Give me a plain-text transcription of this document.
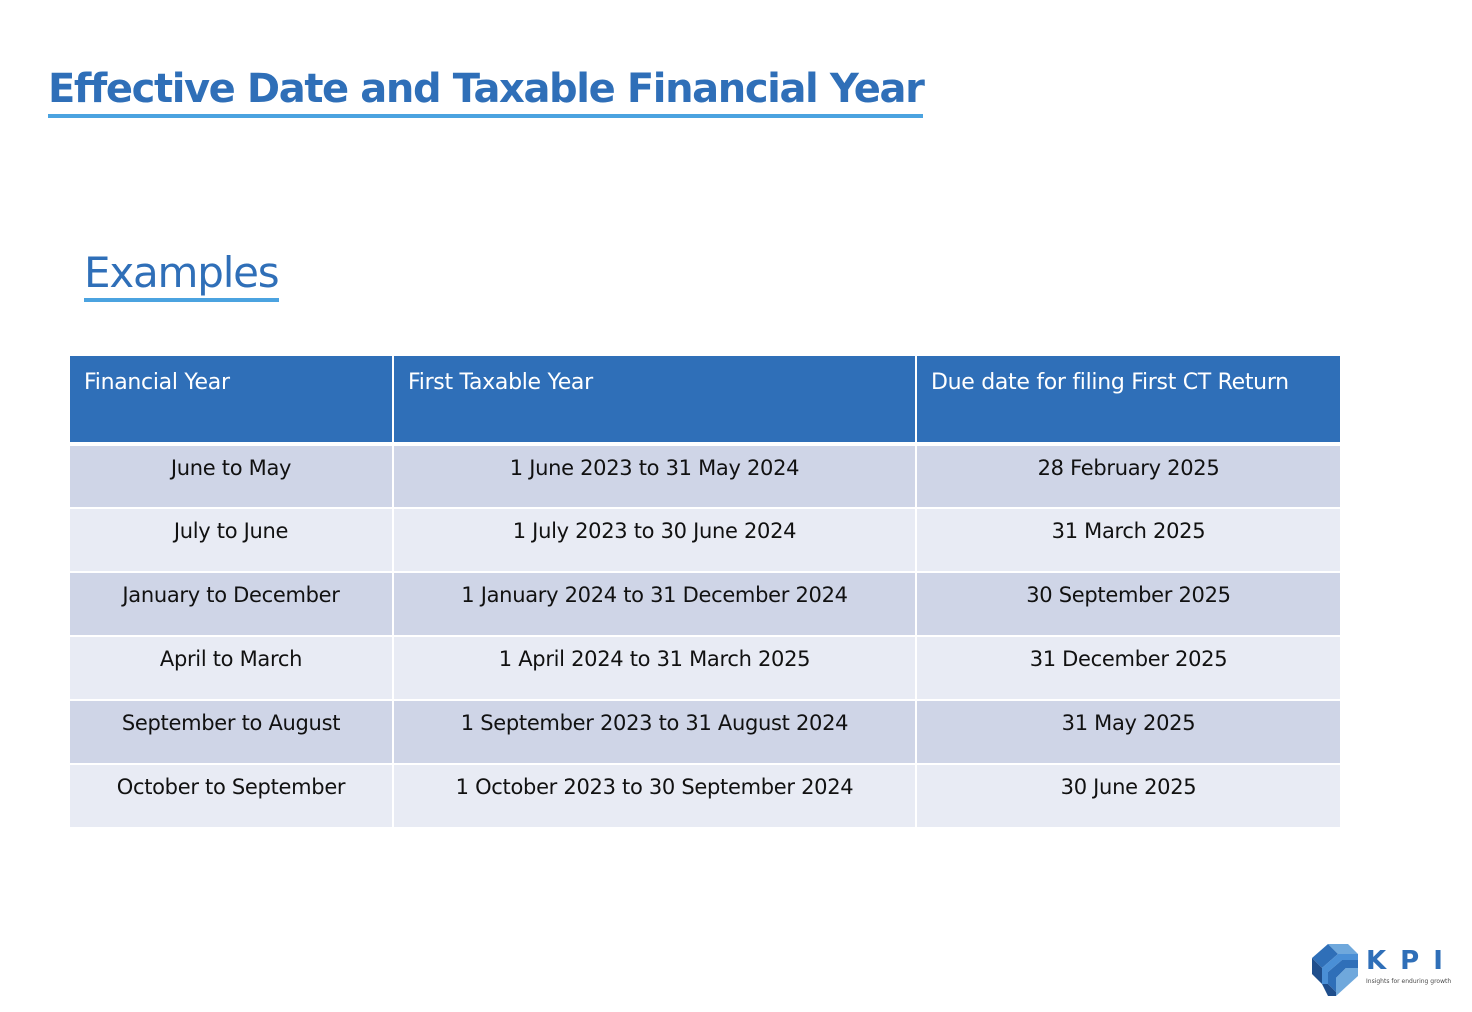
Effective Date and Taxable Financial Year
Examples
Financial Year	First Taxable Year	Due date for filing First CT Return
June to May	1 June 2023 to 31 May 2024	28 February 2025
July to June	1 July 2023 to 30 June 2024	31 March 2025
January to December	1 January 2024 to 31 December 2024	30 September 2025
April to March	1 April 2024 to 31 March 2025	31 December 2025
September to August	1 September 2023 to 31 August 2024	31 May 2025
October to September	1 October 2023 to 30 September 2024	30 June 2025
KPI
Insights for enduring growth
